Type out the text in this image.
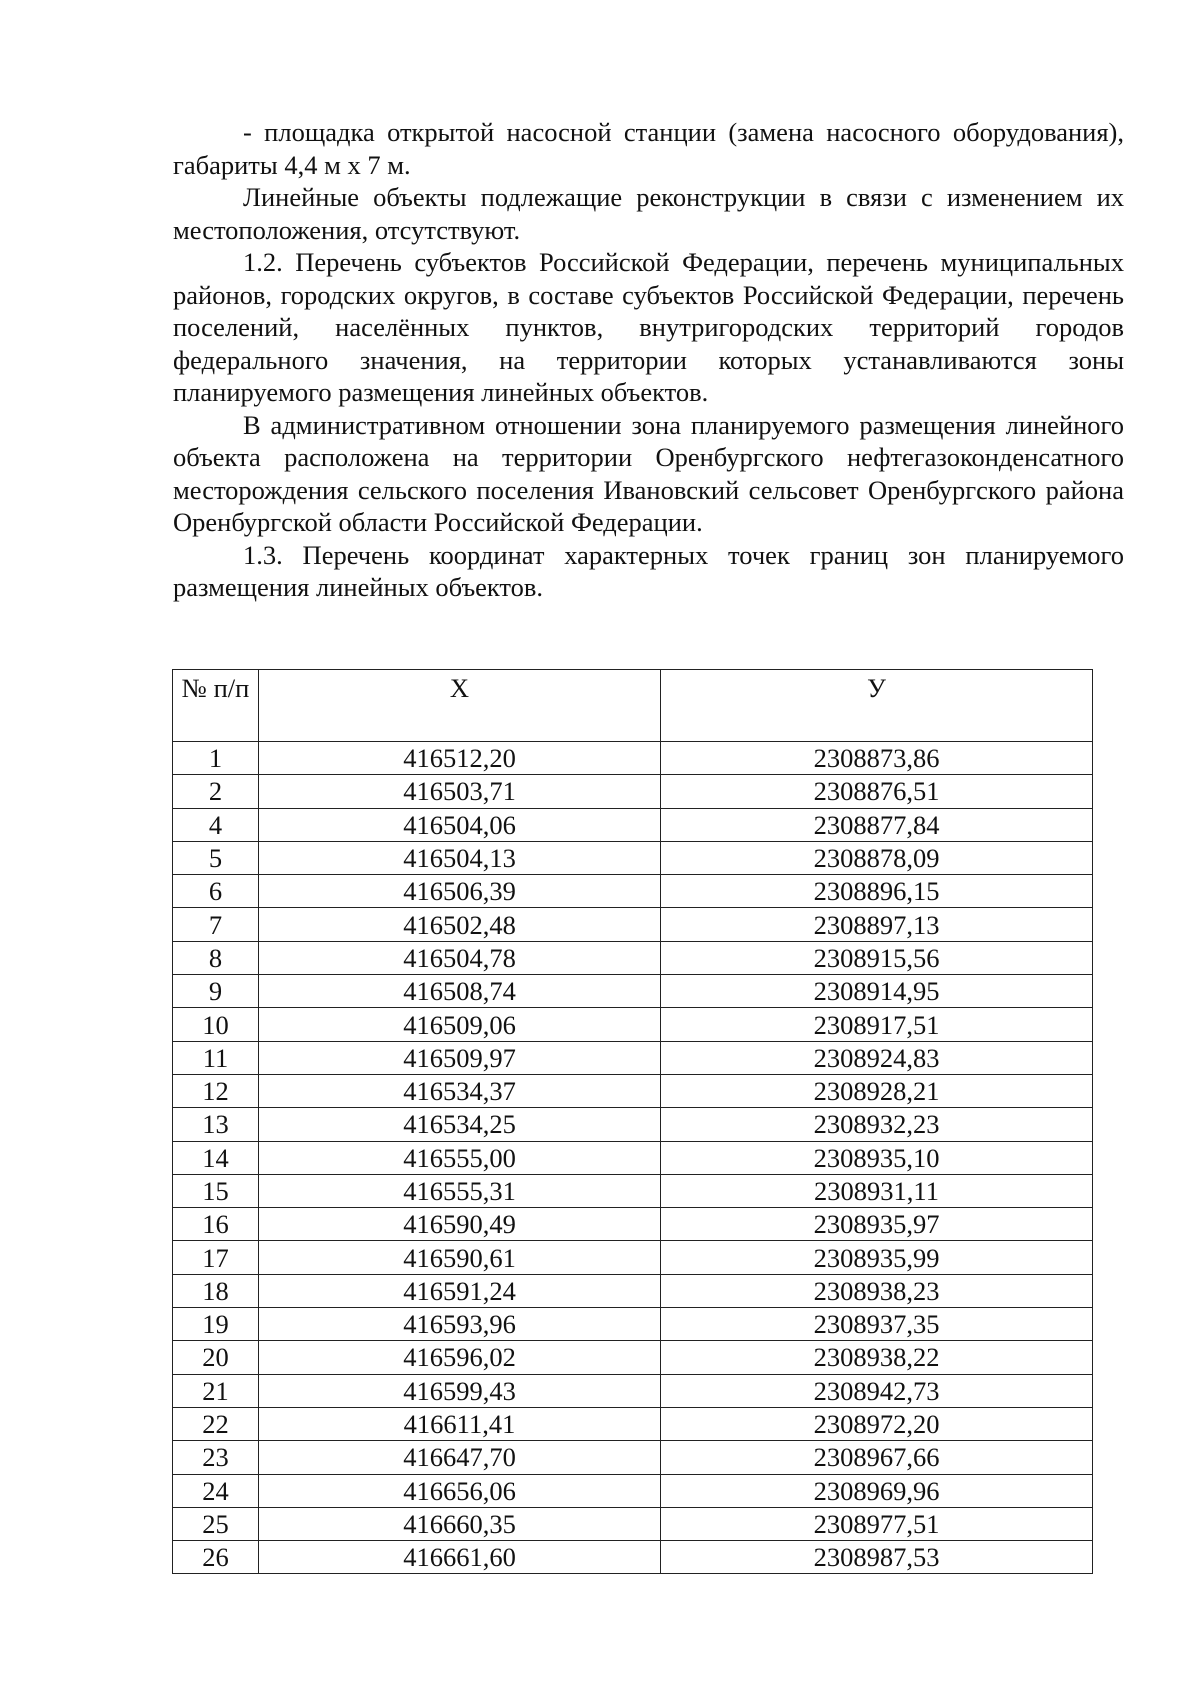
- площадка открытой насосной станции (замена насосного оборудования), габариты 4,4 м х 7 м.

Линейные объекты подлежащие реконструкции в связи с изменением их местоположения, отсутствуют.

1.2. Перечень субъектов Российской Федерации, перечень муниципальных районов, городских округов, в составе субъектов Российской Федерации, перечень поселений, населённых пунктов, внутригородских территорий городов федерального значения, на территории которых устанавливаются зоны планируемого размещения линейных объектов.

В административном отношении зона планируемого размещения линейного объекта расположена на территории Оренбургского нефтегазоконденсатного месторождения сельского поселения Ивановский сельсовет Оренбургского района Оренбургской области Российской Федерации.

1.3. Перечень координат характерных точек границ зон планируемого размещения линейных объектов.

№ п/п	Х	У
1	416512,20	2308873,86
2	416503,71	2308876,51
4	416504,06	2308877,84
5	416504,13	2308878,09
6	416506,39	2308896,15
7	416502,48	2308897,13
8	416504,78	2308915,56
9	416508,74	2308914,95
10	416509,06	2308917,51
11	416509,97	2308924,83
12	416534,37	2308928,21
13	416534,25	2308932,23
14	416555,00	2308935,10
15	416555,31	2308931,11
16	416590,49	2308935,97
17	416590,61	2308935,99
18	416591,24	2308938,23
19	416593,96	2308937,35
20	416596,02	2308938,22
21	416599,43	2308942,73
22	416611,41	2308972,20
23	416647,70	2308967,66
24	416656,06	2308969,96
25	416660,35	2308977,51
26	416661,60	2308987,53
